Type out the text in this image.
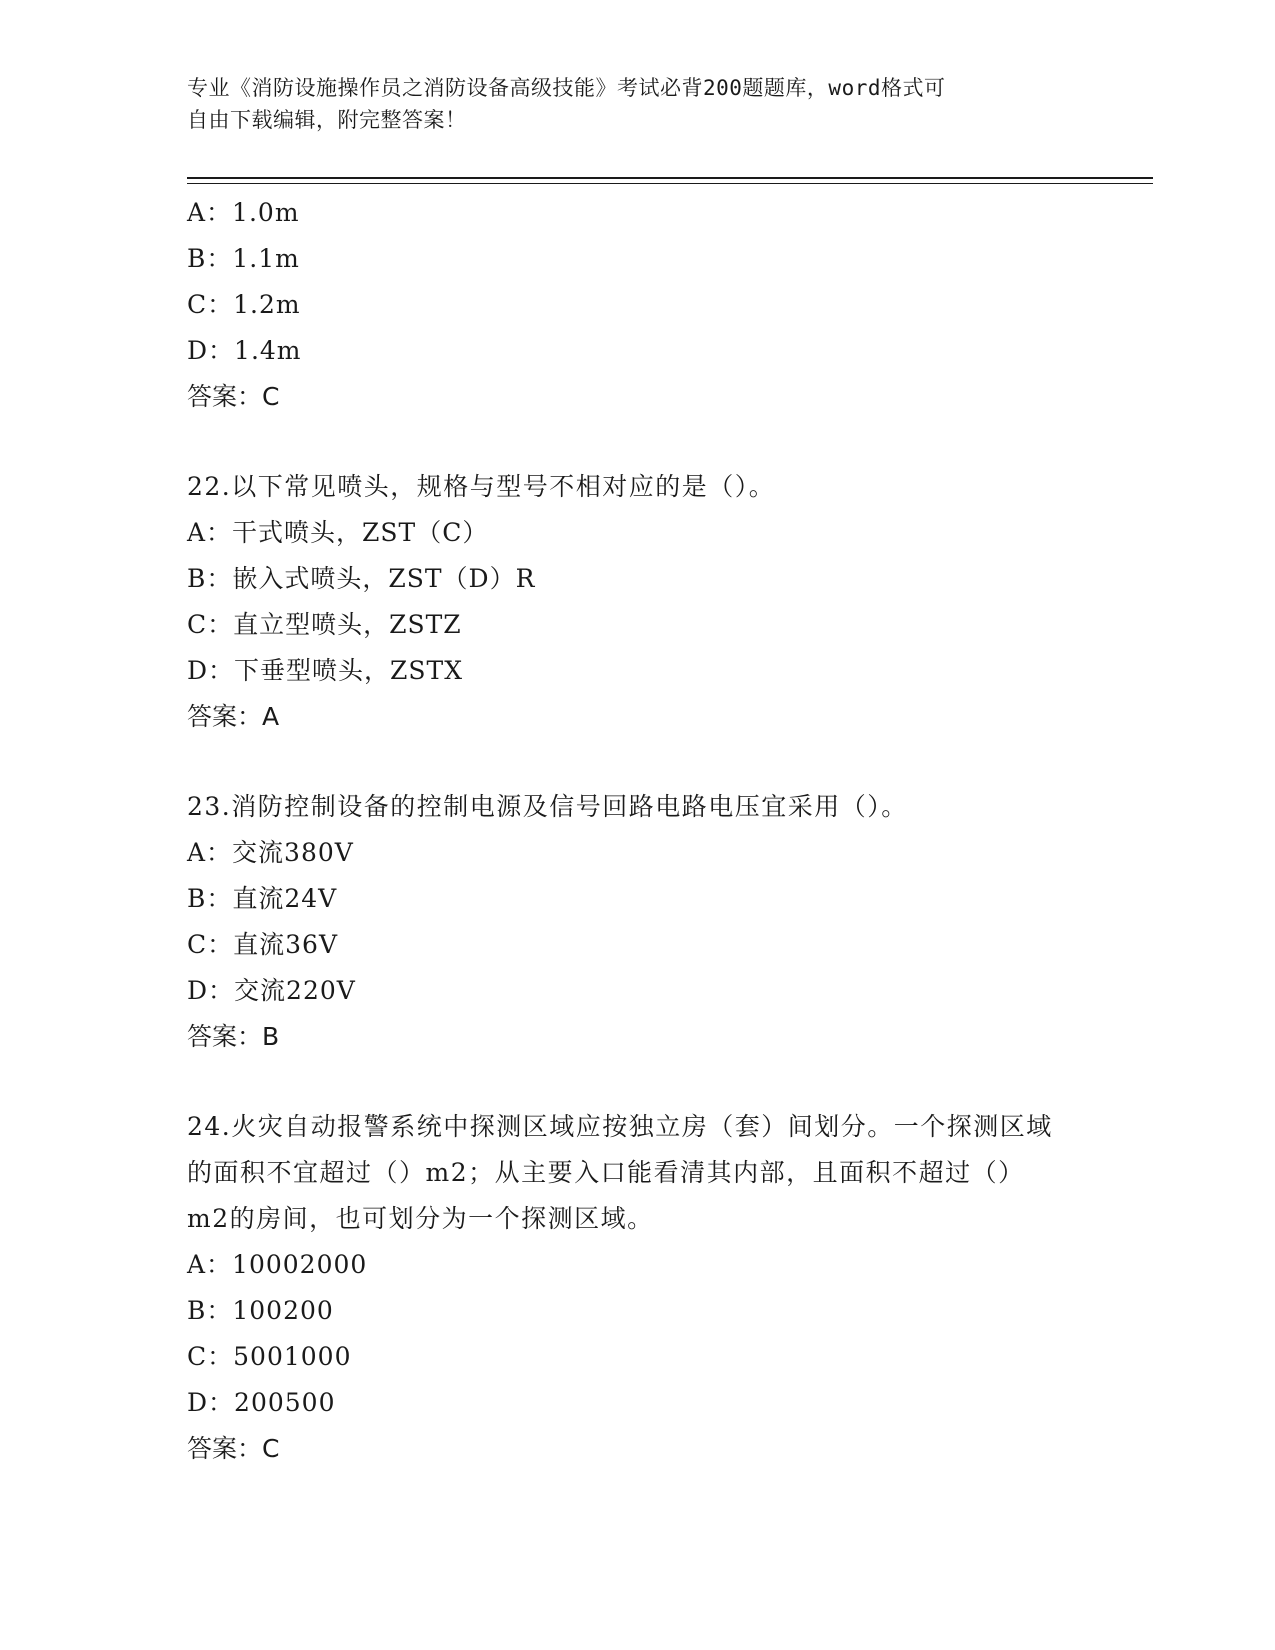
专业《消防设施操作员之消防设备高级技能》考试必背200题题库，word格式可
自由下载编辑，附完整答案！
A：1.0m
B：1.1m
C：1.2m
D：1.4m
答案：C
22.以下常见喷头，规格与型号不相对应的是（）。
A：干式喷头，ZST（C）
B：嵌入式喷头，ZST（D）R
C：直立型喷头，ZSTZ
D：下垂型喷头，ZSTX
答案：A
23.消防控制设备的控制电源及信号回路电路电压宜采用（）。
A：交流380V
B：直流24V
C：直流36V
D：交流220V
答案：B
24.火灾自动报警系统中探测区域应按独立房（套）间划分。一个探测区域的面积不宜超过（）m2；从主要入口能看清其内部，且面积不超过（）m2的房间，也可划分为一个探测区域。
A：10002000
B：100200
C：5001000
D：200500
答案：C
